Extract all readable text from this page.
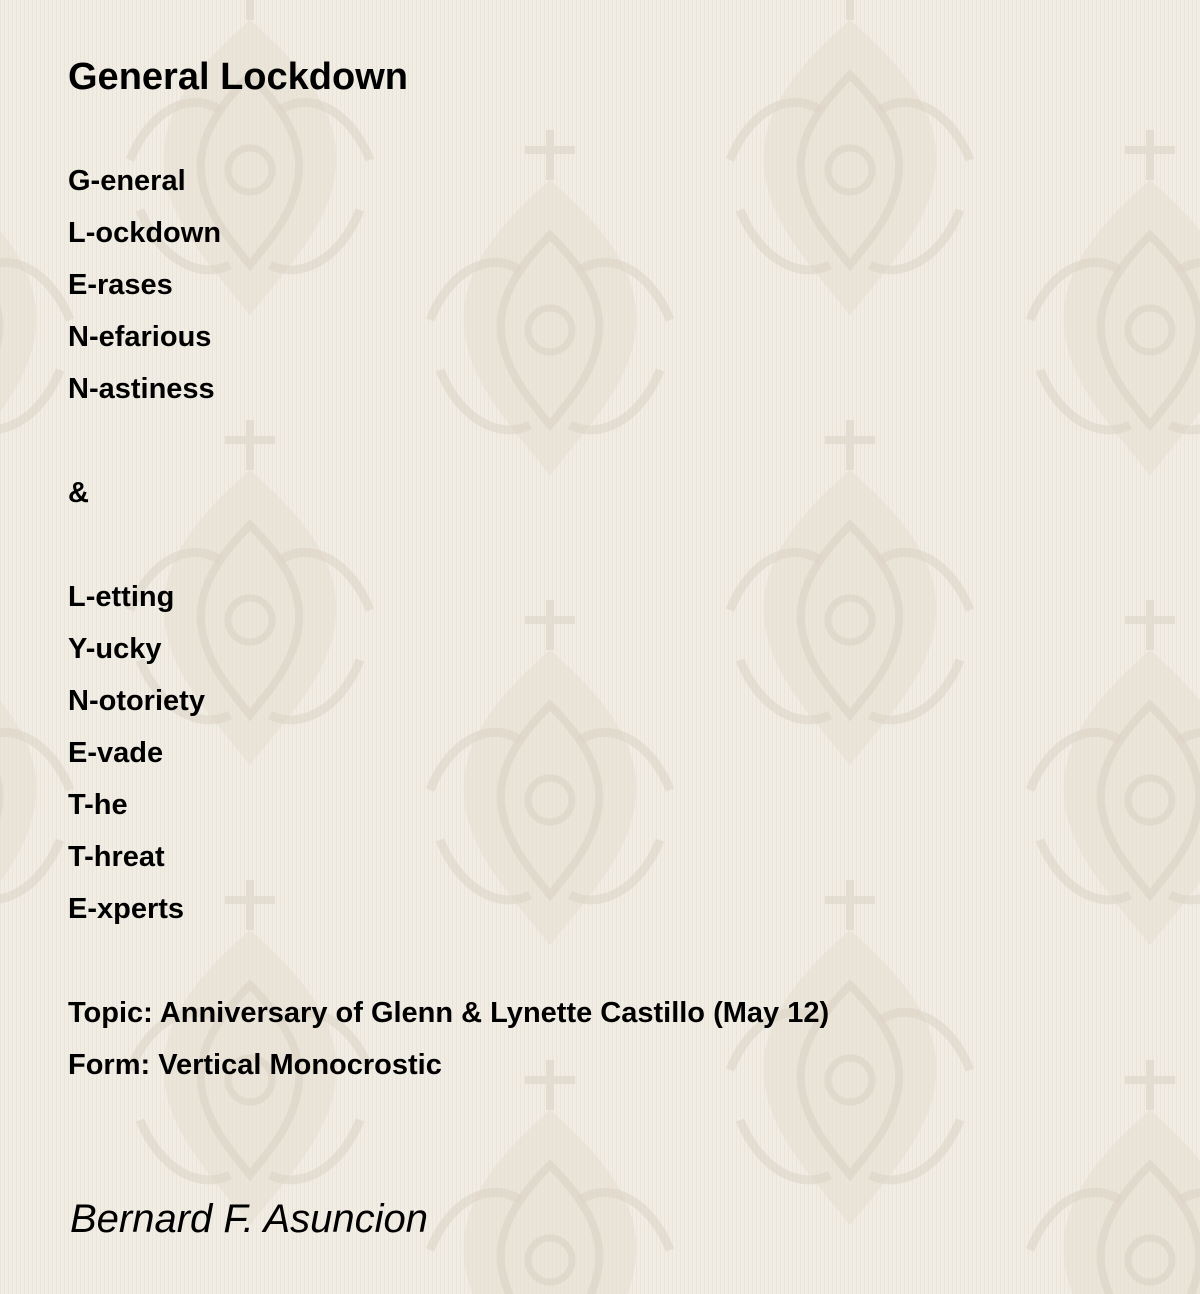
General Lockdown
G-eneral
L-ockdown
E-rases
N-efarious
N-astiness
&
L-etting
Y-ucky
N-otoriety
E-vade
T-he
T-hreat
E-xperts
Topic: Anniversary of Glenn & Lynette Castillo (May 12)
Form: Vertical Monocrostic
Bernard F. Asuncion
